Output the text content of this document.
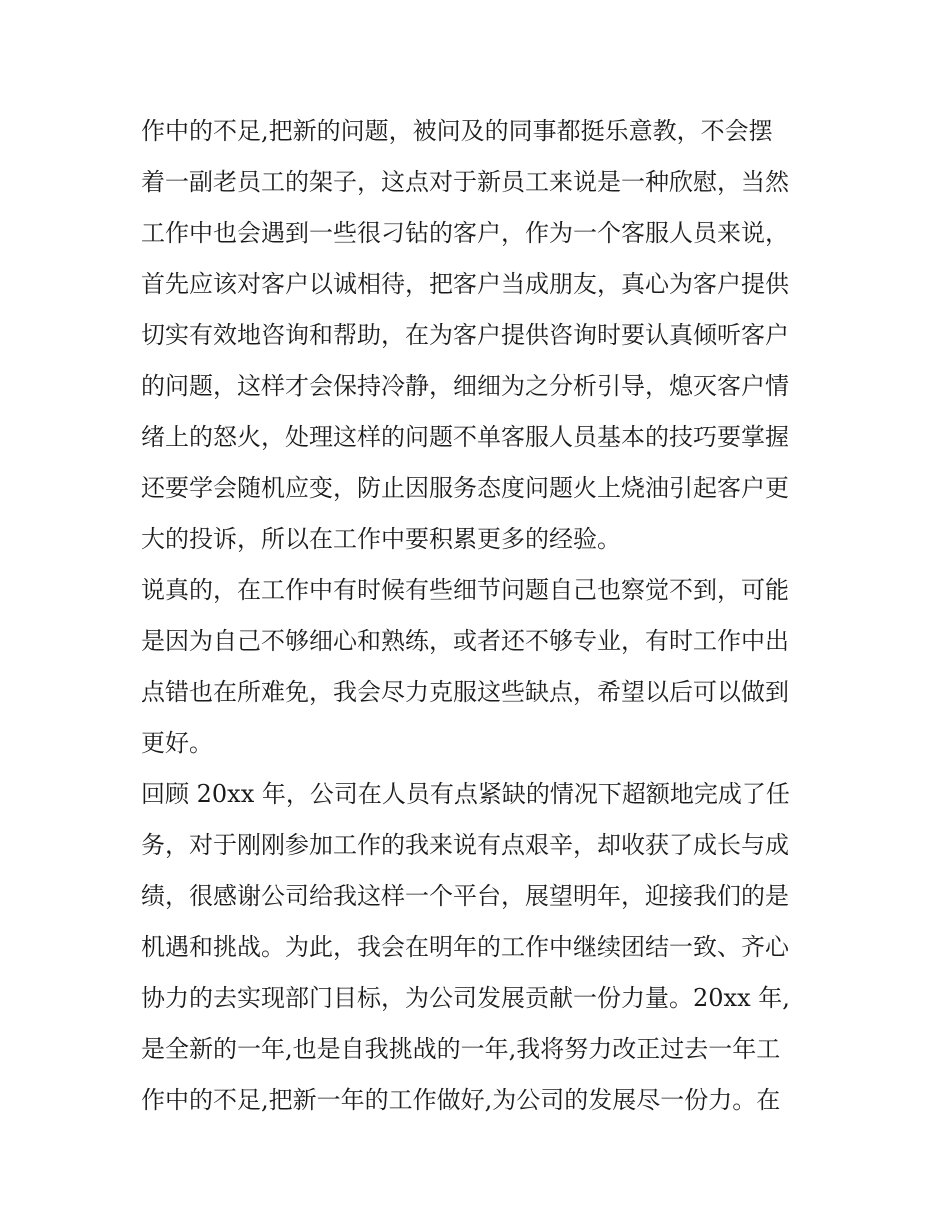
作中的不足,把新的问题，被问及的同事都挺乐意教，不会摆
着一副老员工的架子，这点对于新员工来说是一种欣慰，当然
工作中也会遇到一些很刁钻的客户，作为一个客服人员来说，
首先应该对客户以诚相待，把客户当成朋友，真心为客户提供
切实有效地咨询和帮助，在为客户提供咨询时要认真倾听客户
的问题，这样才会保持冷静，细细为之分析引导，熄灭客户情
绪上的怒火，处理这样的问题不单客服人员基本的技巧要掌握
还要学会随机应变，防止因服务态度问题火上烧油引起客户更
大的投诉，所以在工作中要积累更多的经验。
说真的，在工作中有时候有些细节问题自己也察觉不到，可能
是因为自己不够细心和熟练，或者还不够专业，有时工作中出
点错也在所难免，我会尽力克服这些缺点，希望以后可以做到
更好。
回顾 20xx 年，公司在人员有点紧缺的情况下超额地完成了任
务，对于刚刚参加工作的我来说有点艰辛，却收获了成长与成
绩，很感谢公司给我这样一个平台，展望明年，迎接我们的是
机遇和挑战。为此，我会在明年的工作中继续团结一致、齐心
协力的去实现部门目标，为公司发展贡献一份力量。20xx 年,
是全新的一年,也是自我挑战的一年,我将努力改正过去一年工
作中的不足,把新一年的工作做好,为公司的发展尽一份力。在
